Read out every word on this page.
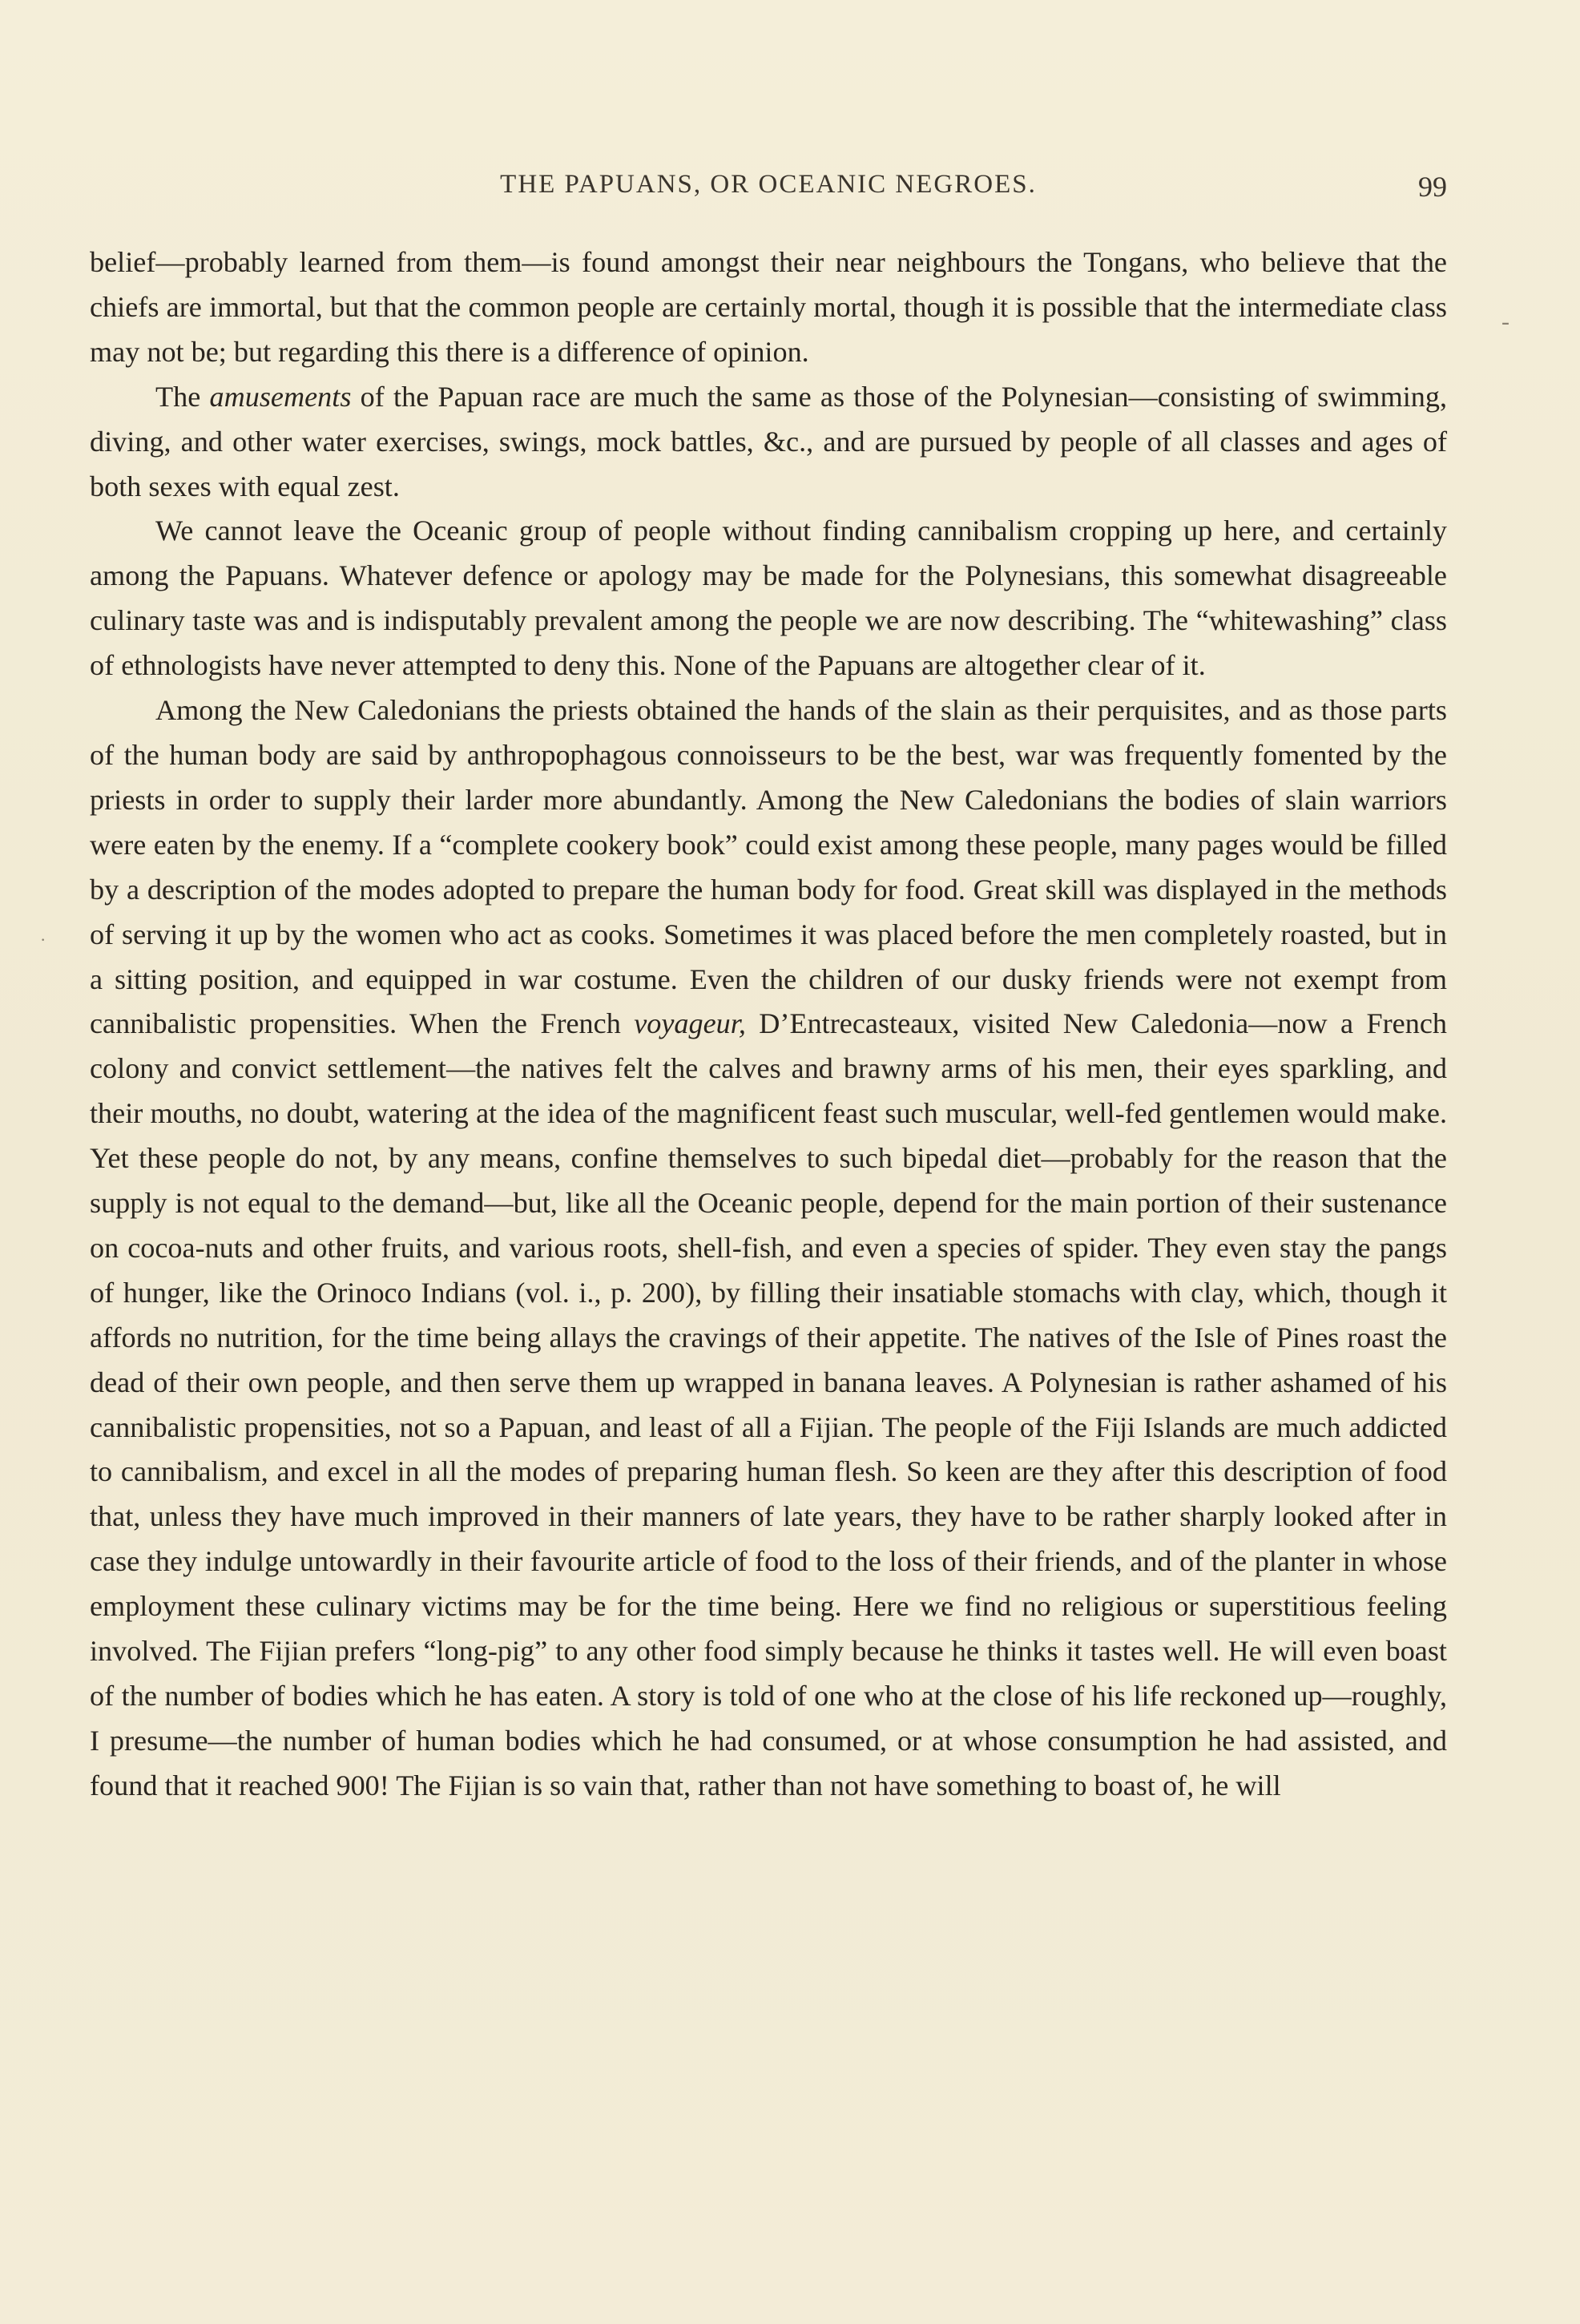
THE PAPUANS, OR OCEANIC NEGROES.	99

belief—probably learned from them—is found amongst their near neighbours the Tongans, who believe that the chiefs are immortal, but that the common people are certainly mortal, though it is possible that the intermediate class may not be; but regarding this there is a difference of opinion.

The amusements of the Papuan race are much the same as those of the Polynesian—consisting of swimming, diving, and other water exercises, swings, mock battles, &c., and are pursued by people of all classes and ages of both sexes with equal zest.

We cannot leave the Oceanic group of people without finding cannibalism cropping up here, and certainly among the Papuans. Whatever defence or apology may be made for the Polynesians, this somewhat disagreeable culinary taste was and is indisputably prevalent among the people we are now describing. The “whitewashing” class of ethnologists have never attempted to deny this. None of the Papuans are altogether clear of it.

Among the New Caledonians the priests obtained the hands of the slain as their perquisites, and as those parts of the human body are said by anthropophagous connoisseurs to be the best, war was frequently fomented by the priests in order to supply their larder more abundantly. Among the New Caledonians the bodies of slain warriors were eaten by the enemy. If a “complete cookery book” could exist among these people, many pages would be filled by a description of the modes adopted to prepare the human body for food. Great skill was displayed in the methods of serving it up by the women who act as cooks. Sometimes it was placed before the men completely roasted, but in a sitting position, and equipped in war costume. Even the children of our dusky friends were not exempt from cannibalistic propensities. When the French voyageur, D’Entrecasteaux, visited New Caledonia—now a French colony and convict settlement—the natives felt the calves and brawny arms of his men, their eyes sparkling, and their mouths, no doubt, watering at the idea of the magnificent feast such muscular, well-fed gentlemen would make. Yet these people do not, by any means, confine themselves to such bipedal diet—probably for the reason that the supply is not equal to the demand—but, like all the Oceanic people, depend for the main portion of their sustenance on cocoa-nuts and other fruits, and various roots, shell-fish, and even a species of spider. They even stay the pangs of hunger, like the Orinoco Indians (vol. i., p. 200), by filling their insatiable stomachs with clay, which, though it affords no nutrition, for the time being allays the cravings of their appetite. The natives of the Isle of Pines roast the dead of their own people, and then serve them up wrapped in banana leaves. A Polynesian is rather ashamed of his cannibalistic propensities, not so a Papuan, and least of all a Fijian. The people of the Fiji Islands are much addicted to cannibalism, and excel in all the modes of preparing human flesh. So keen are they after this description of food that, unless they have much improved in their manners of late years, they have to be rather sharply looked after in case they indulge untowardly in their favourite article of food to the loss of their friends, and of the planter in whose employment these culinary victims may be for the time being. Here we find no religious or superstitious feeling involved. The Fijian prefers “long-pig” to any other food simply because he thinks it tastes well. He will even boast of the number of bodies which he has eaten. A story is told of one who at the close of his life reckoned up—roughly, I presume—the number of human bodies which he had consumed, or at whose consumption he had assisted, and found that it reached 900! The Fijian is so vain that, rather than not have something to boast of, he will

-
·
